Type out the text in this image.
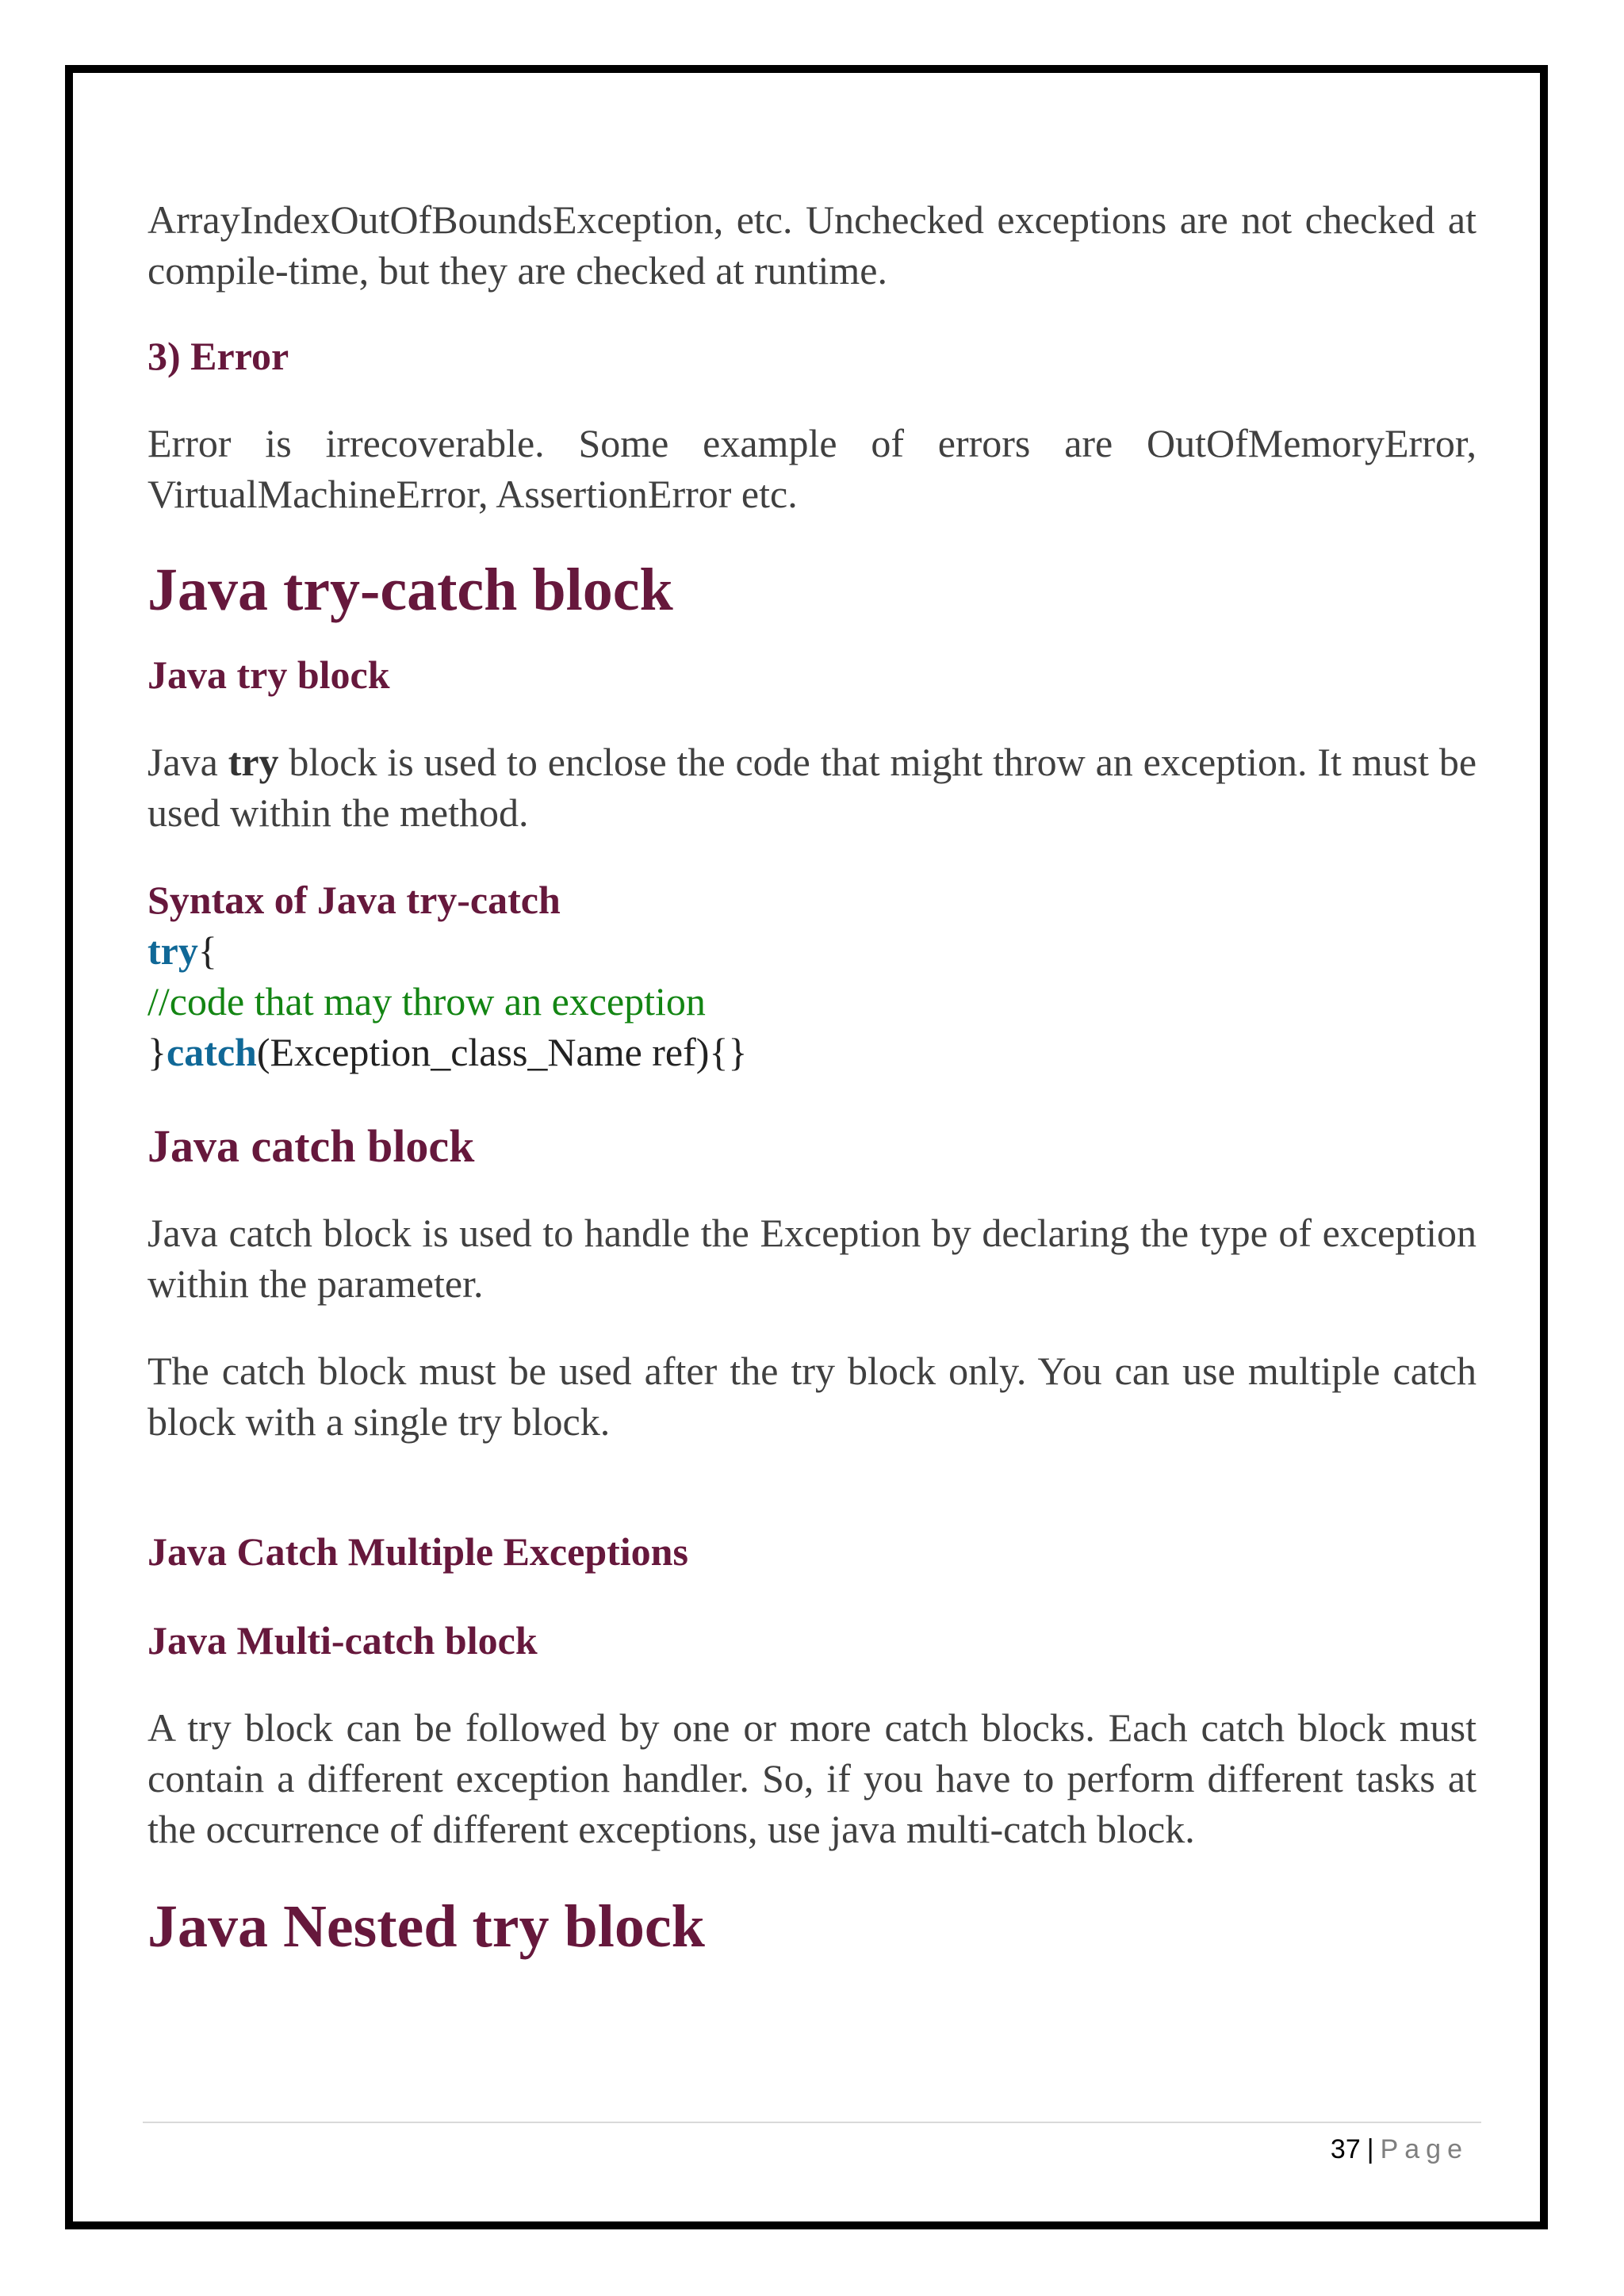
ArrayIndexOutOfBoundsException, etc. Unchecked exceptions are not checked at compile-time, but they are checked at runtime.

3) Error

Error is irrecoverable. Some example of errors are OutOfMemoryError, VirtualMachineError, AssertionError etc.

Java try-catch block

Java try block

Java try block is used to enclose the code that might throw an exception. It must be used within the method.

Syntax of Java try-catch

try{

//code that may throw an exception

}catch(Exception_class_Name ref){}

Java catch block

Java catch block is used to handle the Exception by declaring the type of exception within the parameter.

The catch block must be used after the try block only. You can use multiple catch block with a single try block.

Java Catch Multiple Exceptions

Java Multi-catch block

A try block can be followed by one or more catch blocks. Each catch block must contain a different exception handler. So, if you have to perform different tasks at the occurrence of different exceptions, use java multi-catch block.

Java Nested try block

37 | Page
